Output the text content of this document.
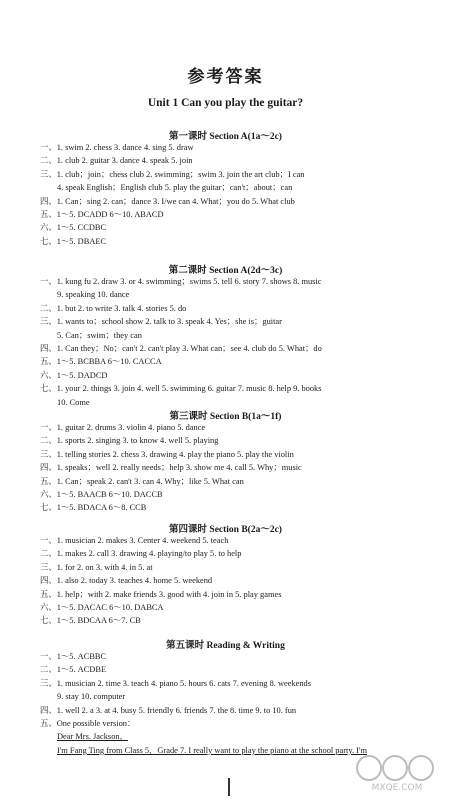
参考答案
Unit 1 Can you play the guitar?
第一课时 Section A(1a～2c)
一、1. swim 2. chess 3. dance 4. sing 5. draw
二、1. club 2. guitar 3. dance 4. speak 5. join
三、1. club；join；chess club 2. swimming；swim 3. join the art club；I can
4. speak English；English club 5. play the guitar；can't；about；can
四、1. Can；sing 2. can；dance 3. I/we can 4. What；you do 5. What club
五、1～5. DCADD 6～10. ABACD
六、1～5. CCDBC
七、1～5. DBAEC
第二课时 Section A(2d～3c)
一、1. kung fu 2. draw 3. or 4. swimming；swims 5. tell 6. story 7. shows 8. music
9. speaking 10. dance
二、1. but 2. to write 3. talk 4. stories 5. do
三、1. wants to；school show 2. talk to 3. speak 4. Yes；she is；guitar
5. Can；swim；they can
四、1. Can they；No；can't 2. can't play 3. What can；see 4. club do 5. What；do
五、1～5. BCBBA 6～10. CACCA
六、1～5. DADCD
七、1. your 2. things 3. join 4. well 5. swimming 6. guitar 7. music 8. help 9. books
10. Come
第三课时 Section B(1a～1f)
一、1. guitar 2. drums 3. violin 4. piano 5. dance
二、1. sports 2. singing 3. to know 4. well 5. playing
三、1. telling stories 2. chess 3. drawing 4. play the piano 5. play the violin
四、1. speaks；well 2. really needs；help 3. show me 4. call 5. Why；music
五、1. Can；speak 2. can't 3. can 4. Why；like 5. What can
六、1～5. BAACB 6～10. DACCB
七、1～5. BDACA 6～8. CCB
第四课时 Section B(2a～2c)
一、1. musician 2. makes 3. Center 4. weekend 5. teach
二、1. makes 2. call 3. drawing 4. playing/to play 5. to help
三、1. for 2. on 3. with 4. in 5. at
四、1. also 2. today 3. teaches 4. home 5. weekend
五、1. help；with 2. make friends 3. good with 4. join in 5. play games
六、1～5. DACAC 6～10. DABCA
七、1～5. BDCAA 6～7. CB
第五课时 Reading & Writing
一、1～5. ACBBC
二、1～5. ACDBE
三、1. musician 2. time 3. teach 4. piano 5. hours 6. cats 7. evening 8. weekends
9. stay 10. computer
四、1. well 2. a 3. at 4. busy 5. friendly 6. friends 7. the 8. time 9. to 10. fun
五、One possible version：
Dear Mrs. Jackson，
I'm Fang Ting from Class 5，Grade 7. I really want to play the piano at the school party. I'm
MXQE.COM
